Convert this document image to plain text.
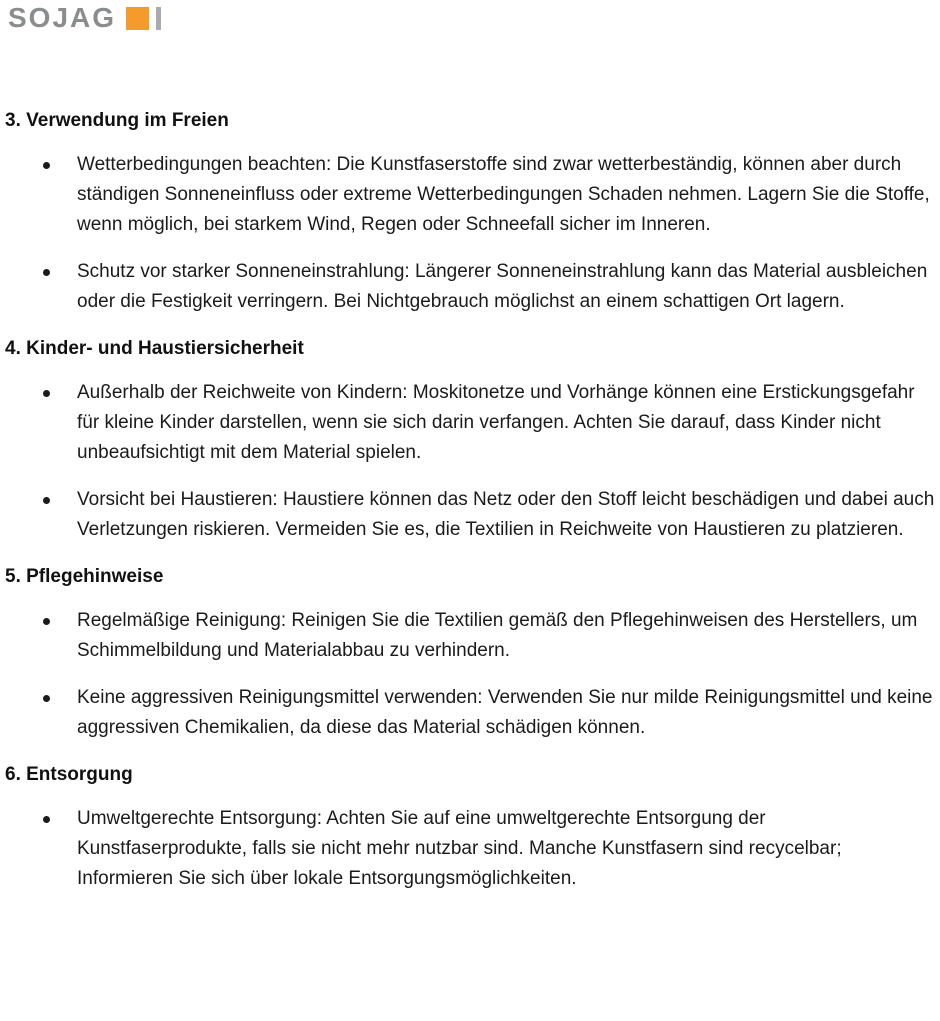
SOJAG
3. Verwendung im Freien
Wetterbedingungen beachten: Die Kunstfaserstoffe sind zwar wetterbeständig, können aber durch ständigen Sonneneinfluss oder extreme Wetterbedingungen Schaden nehmen. Lagern Sie die Stoffe, wenn möglich, bei starkem Wind, Regen oder Schneefall sicher im Inneren.
Schutz vor starker Sonneneinstrahlung: Längerer Sonneneinstrahlung kann das Material ausbleichen oder die Festigkeit verringern. Bei Nichtgebrauch möglichst an einem schattigen Ort lagern.
4. Kinder- und Haustiersicherheit
Außerhalb der Reichweite von Kindern: Moskitonetze und Vorhänge können eine Erstickungsgefahr für kleine Kinder darstellen, wenn sie sich darin verfangen. Achten Sie darauf, dass Kinder nicht unbeaufsichtigt mit dem Material spielen.
Vorsicht bei Haustieren: Haustiere können das Netz oder den Stoff leicht beschädigen und dabei auch Verletzungen riskieren. Vermeiden Sie es, die Textilien in Reichweite von Haustieren zu platzieren.
5. Pflegehinweise
Regelmäßige Reinigung: Reinigen Sie die Textilien gemäß den Pflegehinweisen des Herstellers, um Schimmelbildung und Materialabbau zu verhindern.
Keine aggressiven Reinigungsmittel verwenden: Verwenden Sie nur milde Reinigungsmittel und keine aggressiven Chemikalien, da diese das Material schädigen können.
6. Entsorgung
Umweltgerechte Entsorgung: Achten Sie auf eine umweltgerechte Entsorgung der Kunstfaserprodukte, falls sie nicht mehr nutzbar sind. Manche Kunstfasern sind recycelbar; Informieren Sie sich über lokale Entsorgungsmöglichkeiten.
